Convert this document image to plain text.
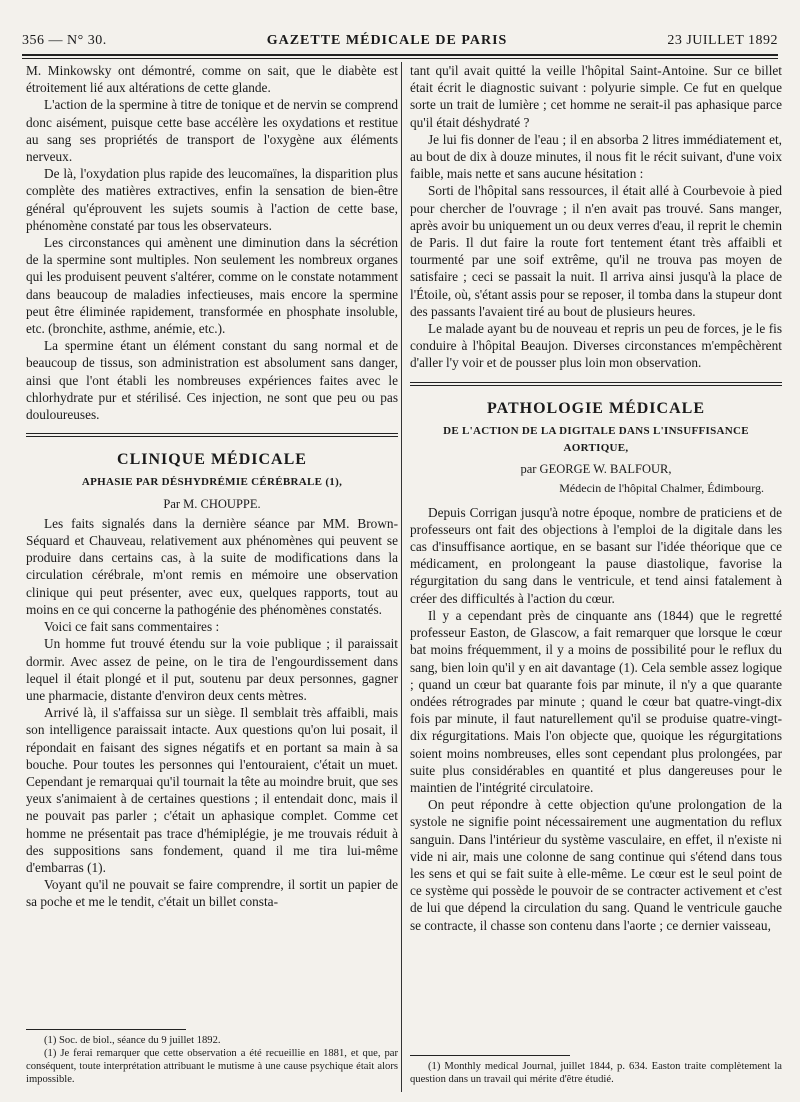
356 — N° 30.	GAZETTE MÉDICALE DE PARIS	23 JUILLET 1892

M. Minkowsky ont démontré, comme on sait, que le diabète est étroitement lié aux altérations de cette glande.

L'action de la spermine à titre de tonique et de nervin se comprend donc aisément, puisque cette base accélère les oxydations et restitue au sang ses propriétés de transport de l'oxygène aux éléments nerveux.

De là, l'oxydation plus rapide des leucomaïnes, la disparition plus complète des matières extractives, enfin la sensation de bien-être général qu'éprouvent les sujets soumis à l'action de cette base, phénomène constaté par tous les observateurs.

Les circonstances qui amènent une diminution dans la sécrétion de la spermine sont multiples. Non seulement les nombreux organes qui les produisent peuvent s'altérer, comme on le constate notamment dans beaucoup de maladies infectieuses, mais encore la spermine peut être éliminée rapidement, transformée en phosphate insoluble, etc. (bronchite, asthme, anémie, etc.).

La spermine étant un élément constant du sang normal et de beaucoup de tissus, son administration est absolument sans danger, ainsi que l'ont établi les nombreuses expériences faites avec le chlorhydrate pur et stérilisé. Ces injection, ne sont que peu ou pas douloureuses.

CLINIQUE MÉDICALE
APHASIE PAR DÉSHYDRÉMIE CÉRÉBRALE (1),
Par M. CHOUPPE.

Les faits signalés dans la dernière séance par MM. Brown-Séquard et Chauveau, relativement aux phénomènes qui peuvent se produire dans certains cas, à la suite de modifications dans la circulation cérébrale, m'ont remis en mémoire une observation clinique qui peut présenter, avec eux, quelques rapports, tout au moins en ce qui concerne la pathogénie des phénomènes constatés.

Voici ce fait sans commentaires :

Un homme fut trouvé étendu sur la voie publique ; il paraissait dormir. Avec assez de peine, on le tira de l'engourdissement dans lequel il était plongé et il put, soutenu par deux personnes, gagner une pharmacie, distante d'environ deux cents mètres.

Arrivé là, il s'affaissa sur un siège. Il semblait très affaibli, mais son intelligence paraissait intacte. Aux questions qu'on lui posait, il répondait en faisant des signes négatifs et en portant sa main à sa bouche. Pour toutes les personnes qui l'entouraient, c'était un muet. Cependant je remarquai qu'il tournait la tête au moindre bruit, que ses yeux s'animaient à de certaines questions ; il entendait donc, mais il ne pouvait pas parler ; c'était un aphasique complet. Comme cet homme ne présentait pas trace d'hémiplégie, je me trouvais réduit à des suppositions sans fondement, quand il me tira lui-même d'embarras (1).

Voyant qu'il ne pouvait se faire comprendre, il sortit un papier de sa poche et me le tendit, c'était un billet consta-

(1) Soc. de biol., séance du 9 juillet 1892.

(1) Je ferai remarquer que cette observation a été recueillie en 1881, et que, par conséquent, toute interprétation attribuant le mutisme à une cause psychique était alors impossible.

tant qu'il avait quitté la veille l'hôpital Saint-Antoine. Sur ce billet était écrit le diagnostic suivant : polyurie simple. Ce fut en quelque sorte un trait de lumière ; cet homme ne serait-il pas aphasique parce qu'il était déshydraté ?

Je lui fis donner de l'eau ; il en absorba 2 litres immédiatement et, au bout de dix à douze minutes, il nous fit le récit suivant, d'une voix faible, mais nette et sans aucune hésitation :

Sorti de l'hôpital sans ressources, il était allé à Courbevoie à pied pour chercher de l'ouvrage ; il n'en avait pas trouvé. Sans manger, après avoir bu uniquement un ou deux verres d'eau, il reprit le chemin de Paris. Il dut faire la route fort tentement étant très affaibli et tourmenté par une soif extrême, qu'il ne trouva pas moyen de satisfaire ; ceci se passait la nuit. Il arriva ainsi jusqu'à la place de l'Étoile, où, s'étant assis pour se reposer, il tomba dans la stupeur dont des passants l'avaient tiré au bout de plusieurs heures.

Le malade ayant bu de nouveau et repris un peu de forces, je le fis conduire à l'hôpital Beaujon. Diverses circonstances m'empêchèrent d'aller l'y voir et de pousser plus loin mon observation.

PATHOLOGIE MÉDICALE
DE L'ACTION DE LA DIGITALE DANS L'INSUFFISANCE AORTIQUE,
par GEORGE W. BALFOUR,
Médecin de l'hôpital Chalmer, Édimbourg.

Depuis Corrigan jusqu'à notre époque, nombre de praticiens et de professeurs ont fait des objections à l'emploi de la digitale dans les cas d'insuffisance aortique, en se basant sur l'idée théorique que ce médicament, en prolongeant la pause diastolique, favorise la régurgitation du sang dans le ventricule, et tend ainsi fatalement à créer des difficultés à l'action du cœur.

Il y a cependant près de cinquante ans (1844) que le regretté professeur Easton, de Glascow, a fait remarquer que lorsque le cœur bat moins fréquemment, il y a moins de possibilité pour le reflux du sang, bien loin qu'il y en ait davantage (1). Cela semble assez logique ; quand un cœur bat quarante fois par minute, il n'y a que quarante ondées rétrogrades par minute ; quand le cœur bat quatre-vingt-dix fois par minute, il faut naturellement qu'il se produise quatre-vingt-dix régurgitations. Mais l'on objecte que, quoique les régurgitations soient moins nombreuses, elles sont cependant plus prolongées, par suite plus considérables en quantité et plus dangereuses pour le maintien de l'intégrité circulatoire.

On peut répondre à cette objection qu'une prolongation de la systole ne signifie point nécessairement une augmentation du reflux sanguin. Dans l'intérieur du système vasculaire, en effet, il n'existe ni vide ni air, mais une colonne de sang continue qui s'étend dans tous les sens et qui se fait suite à elle-même. Le cœur est le seul point de ce système qui possède le pouvoir de se contracter activement et c'est de lui que dépend la circulation du sang. Quand le ventricule gauche se contracte, il chasse son contenu dans l'aorte ; ce dernier vaisseau,

(1) Monthly medical Journal, juillet 1844, p. 634. Easton traite complètement la question dans un travail qui mérite d'être étudié.
